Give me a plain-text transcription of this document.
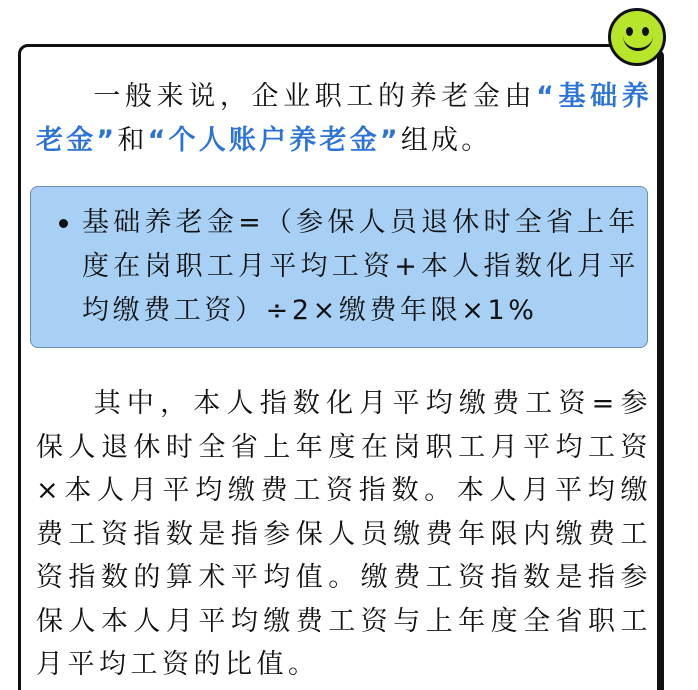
一般来说，企业职工的养老金由“基础养老金”和“个人账户养老金”组成。

基础养老金=（参保人员退休时全省上年度在岗职工月平均工资+本人指数化月平均缴费工资）÷2×缴费年限×1%

其中，本人指数化月平均缴费工资=参保人退休时全省上年度在岗职工月平均工资×本人月平均缴费工资指数。本人月平均缴费工资指数是指参保人员缴费年限内缴费工资指数的算术平均值。缴费工资指数是指参保人本人月平均缴费工资与上年度全省职工月平均工资的比值。
